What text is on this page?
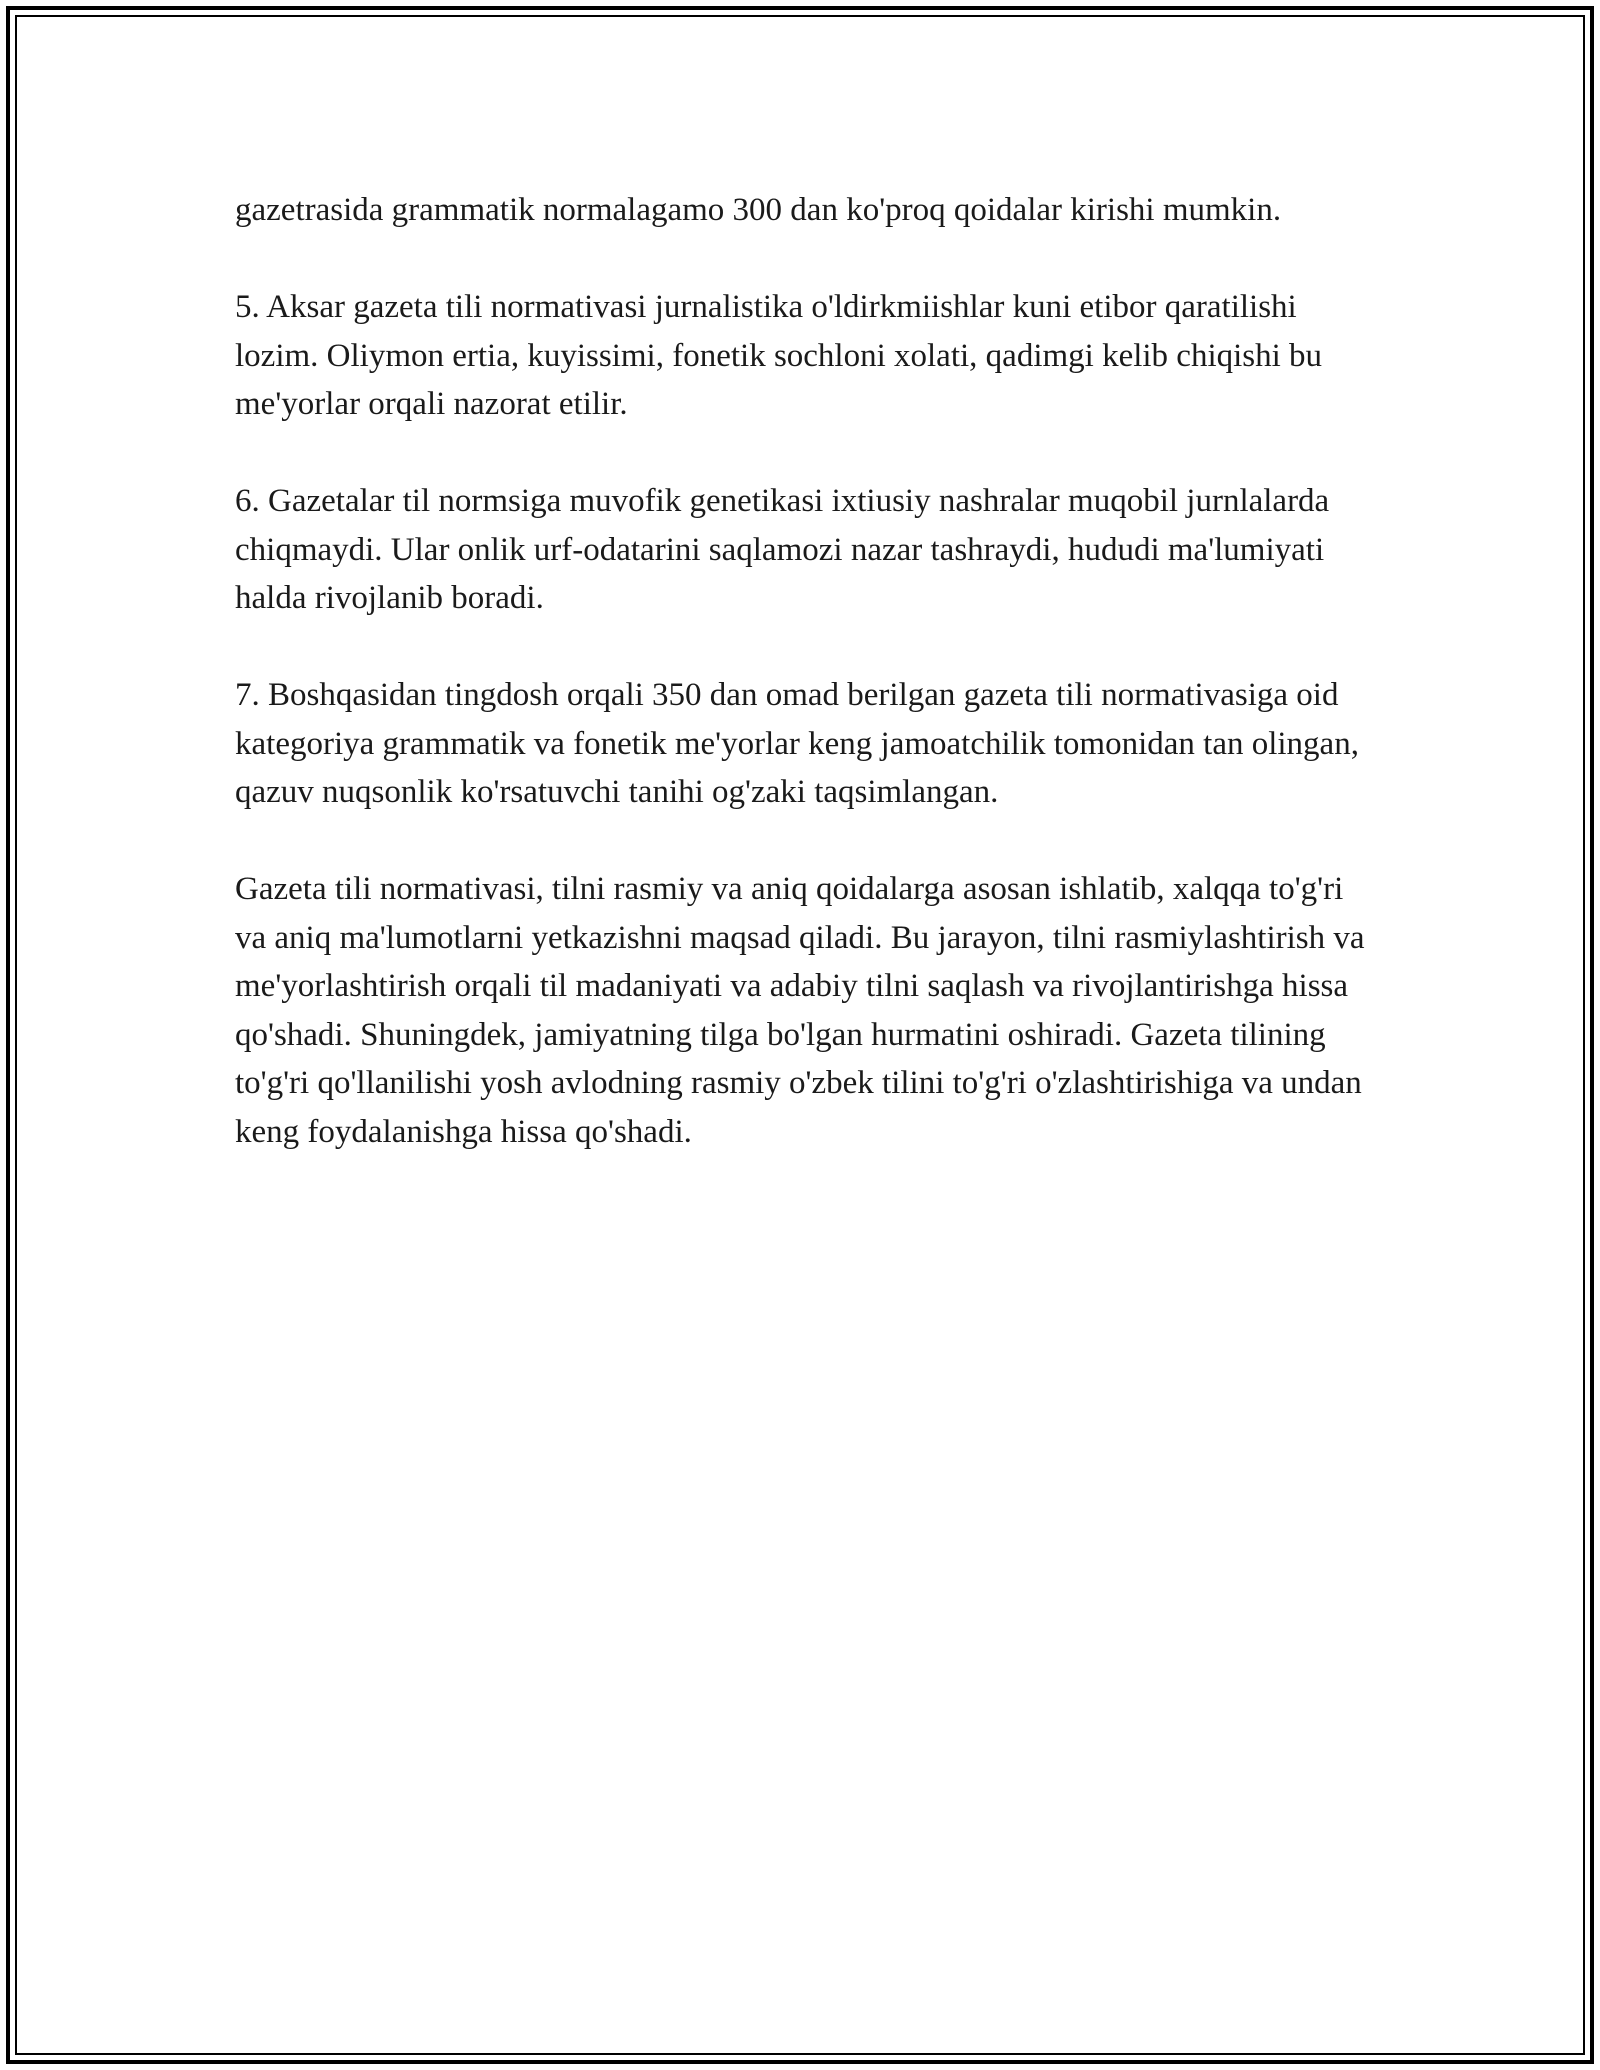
gazetrasida grammatik normalagamo 300 dan ko'proq qoidalar kirishi mumkin.

5. Aksar gazeta tili normativasi jurnalistika o'ldirkmiishlar kuni etibor qaratilishi lozim. Oliymon ertia, kuyissimi, fonetik sochloni xolati, qadimgi kelib chiqishi bu me'yorlar orqali nazorat etilir.

6. Gazetalar til normsiga muvofik genetikasi ixtiusiy nashralar muqobil jurnlalarda chiqmaydi. Ular onlik urf-odatarini saqlamozi nazar tashraydi, hududi ma'lumiyati halda rivojlanib boradi.

7. Boshqasidan tingdosh orqali 350 dan omad berilgan gazeta tili normativasiga oid kategoriya grammatik va fonetik me'yorlar keng jamoatchilik tomonidan tan olingan, qazuv nuqsonlik ko'rsatuvchi tanihi og'zaki taqsimlangan.

Gazeta tili normativasi, tilni rasmiy va aniq qoidalarga asosan ishlatib, xalqqa to'g'ri va aniq ma'lumotlarni yetkazishni maqsad qiladi. Bu jarayon, tilni rasmiylashtirish va me'yorlashtirish orqali til madaniyati va adabiy tilni saqlash va rivojlantirishga hissa qo'shadi. Shuningdek, jamiyatning tilga bo'lgan hurmatini oshiradi. Gazeta tilining to'g'ri qo'llanilishi yosh avlodning rasmiy o'zbek tilini to'g'ri o'zlashtirishiga va undan keng foydalanishga hissa qo'shadi.
